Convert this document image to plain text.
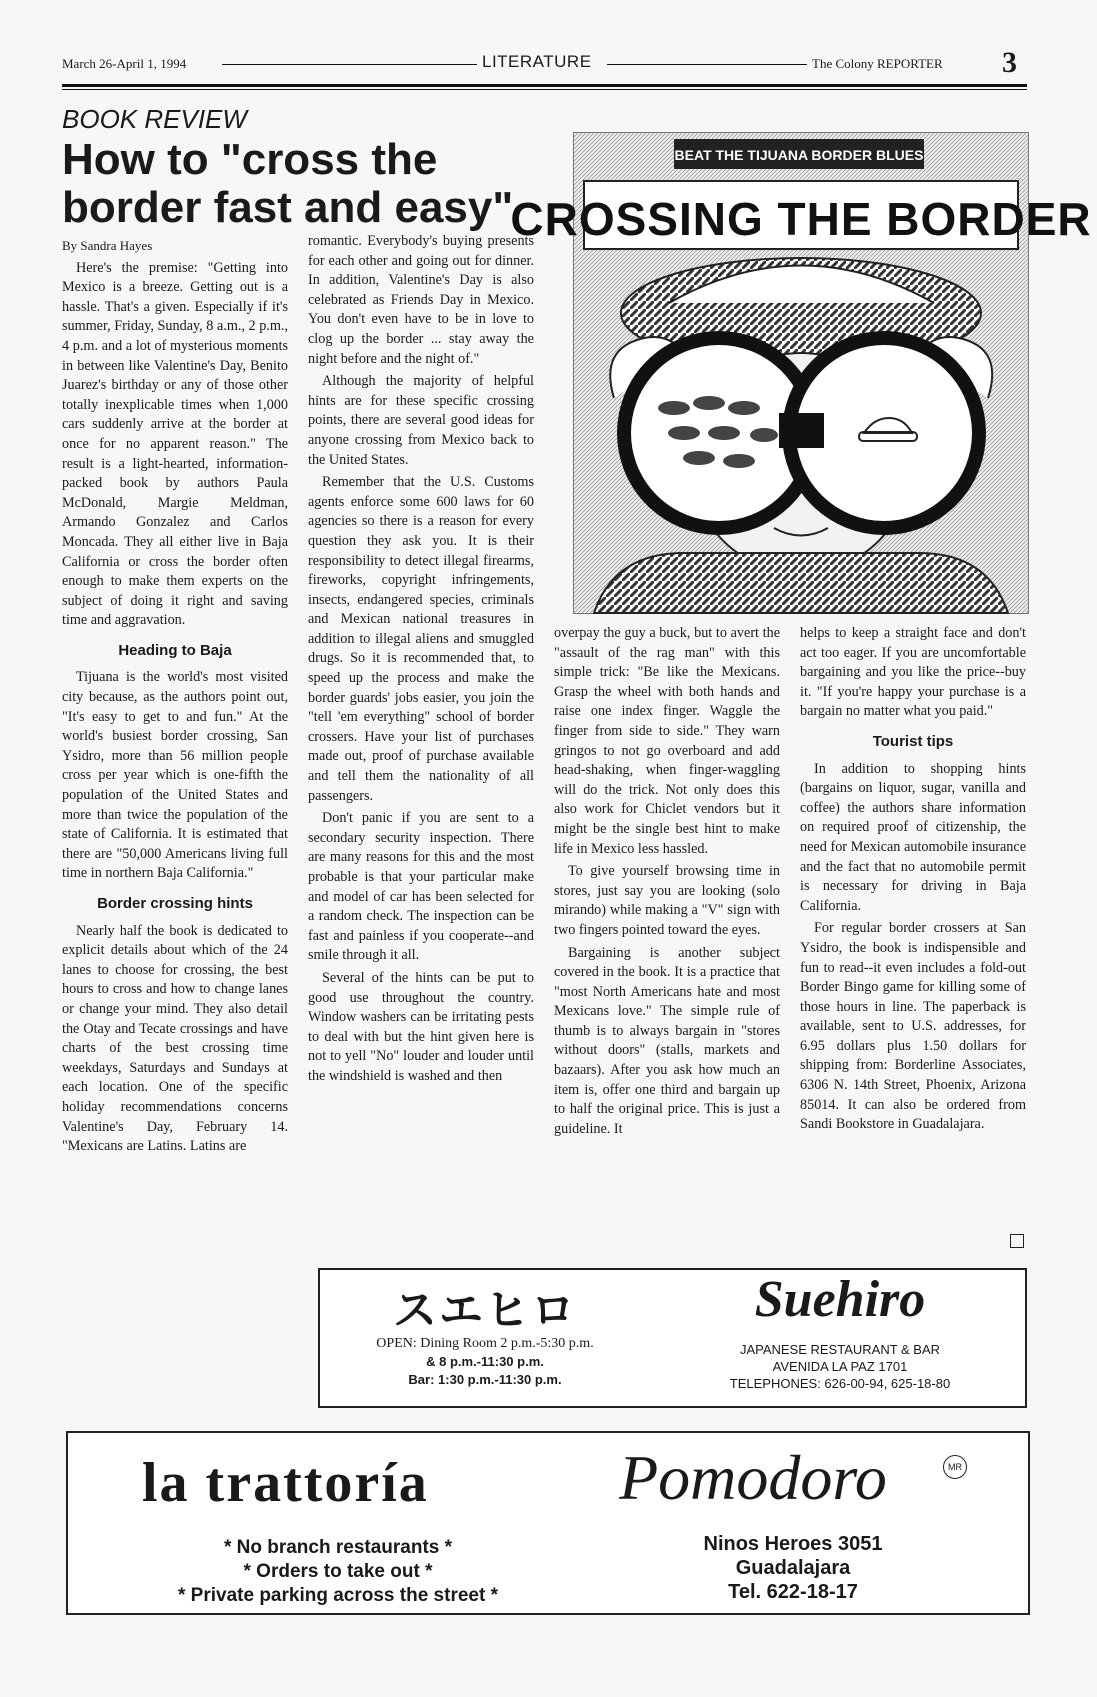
March 26-April 1, 1994	LITERATURE	The Colony REPORTER 3
BOOK REVIEW
How to "cross the border fast and easy"

By Sandra Hayes

Here's the premise: "Getting into Mexico is a breeze. Getting out is a hassle. That's a given. Especially if it's summer, Friday, Sunday, 8 a.m., 2 p.m., 4 p.m. and a lot of mysterious moments in between like Valentine's Day, Benito Juarez's birthday or any of those other totally inexplicable times when 1,000 cars suddenly arrive at the border at once for no apparent reason." The result is a light-hearted, information-packed book by authors Paula McDonald, Margie Meldman, Armando Gonzalez and Carlos Moncada. They all either live in Baja California or cross the border often enough to make them experts on the subject of doing it right and saving time and aggravation.

Heading to Baja

Tijuana is the world's most visited city because, as the authors point out, "It's easy to get to and fun." At the world's busiest border crossing, San Ysidro, more than 56 million people cross per year which is one-fifth the population of the United States and more than twice the population of the state of California. It is estimated that there are "50,000 Americans living full time in northern Baja California."

Border crossing hints

Nearly half the book is dedicated to explicit details about which of the 24 lanes to choose for crossing, the best hours to cross and how to change lanes or change your mind. They also detail the Otay and Tecate crossings and have charts of the best crossing time weekdays, Saturdays and Sundays at each location. One of the specific holiday recommendations concerns Valentine's Day, February 14. "Mexicans are Latins. Latins are

romantic. Everybody's buying presents for each other and going out for dinner. In addition, Valentine's Day is also celebrated as Friends Day in Mexico. You don't even have to be in love to clog up the border ... stay away the night before and the night of."

Although the majority of helpful hints are for these specific crossing points, there are several good ideas for anyone crossing from Mexico back to the United States.

Remember that the U.S. Customs agents enforce some 600 laws for 60 agencies so there is a reason for every question they ask you. It is their responsibility to detect illegal firearms, fireworks, copyright infringements, insects, endangered species, criminals and Mexican national treasures in addition to illegal aliens and smuggled drugs. So it is recommended that, to speed up the process and make the border guards' jobs easier, you join the "tell 'em everything" school of border crossers. Have your list of purchases made out, proof of purchase available and tell them the nationality of all passengers.

Don't panic if you are sent to a secondary security inspection. There are many reasons for this and the most probable is that your particular make and model of car has been selected for a random check. The inspection can be fast and painless if you cooperate--and smile through it all.

Several of the hints can be put to good use throughout the country. Window washers can be irritating pests to deal with but the hint given here is not to yell "No" louder and louder until the windshield is washed and then

BEAT THE TIJUANA BORDER BLUES
CROSSING THE BORDER

overpay the guy a buck, but to avert the "assault of the rag man" with this simple trick: "Be like the Mexicans. Grasp the wheel with both hands and raise one index finger. Waggle the finger from side to side." They warn gringos to not go overboard and add head-shaking, when finger-waggling will do the trick. Not only does this also work for Chiclet vendors but it might be the single best hint to make life in Mexico less hassled.

To give yourself browsing time in stores, just say you are looking (solo mirando) while making a "V" sign with two fingers pointed toward the eyes.

Bargaining is another subject covered in the book. It is a practice that "most North Americans hate and most Mexicans love." The simple rule of thumb is to always bargain in "stores without doors" (stalls, markets and bazaars). After you ask how much an item is, offer one third and bargain up to half the original price. This is just a guideline. It

helps to keep a straight face and don't act too eager. If you are uncomfortable bargaining and you like the price--buy it. "If you're happy your purchase is a bargain no matter what you paid."

Tourist tips

In addition to shopping hints (bargains on liquor, sugar, vanilla and coffee) the authors share information on required proof of citizenship, the need for Mexican automobile insurance and the fact that no automobile permit is necessary for driving in Baja California.

For regular border crossers at San Ysidro, the book is indispensible and fun to read--it even includes a fold-out Border Bingo game for killing some of those hours in line. The paperback is available, sent to U.S. addresses, for 6.95 dollars plus 1.50 dollars for shipping from: Borderline Associates, 6306 N. 14th Street, Phoenix, Arizona 85014. It can also be ordered from Sandi Bookstore in Guadalajara.

スエヒロ
OPEN: Dining Room 2 p.m.-5:30 p.m.
& 8 p.m.-11:30 p.m.
Bar: 1:30 p.m.-11:30 p.m.
Suehiro
JAPANESE RESTAURANT & BAR
AVENIDA LA PAZ 1701
TELEPHONES: 626-00-94, 625-18-80
la trattoría	Pomodoro	MR
* No branch restaurants *
* Orders to take out *
* Private parking across the street *
Ninos Heroes 3051
Guadalajara
Tel. 622-18-17
